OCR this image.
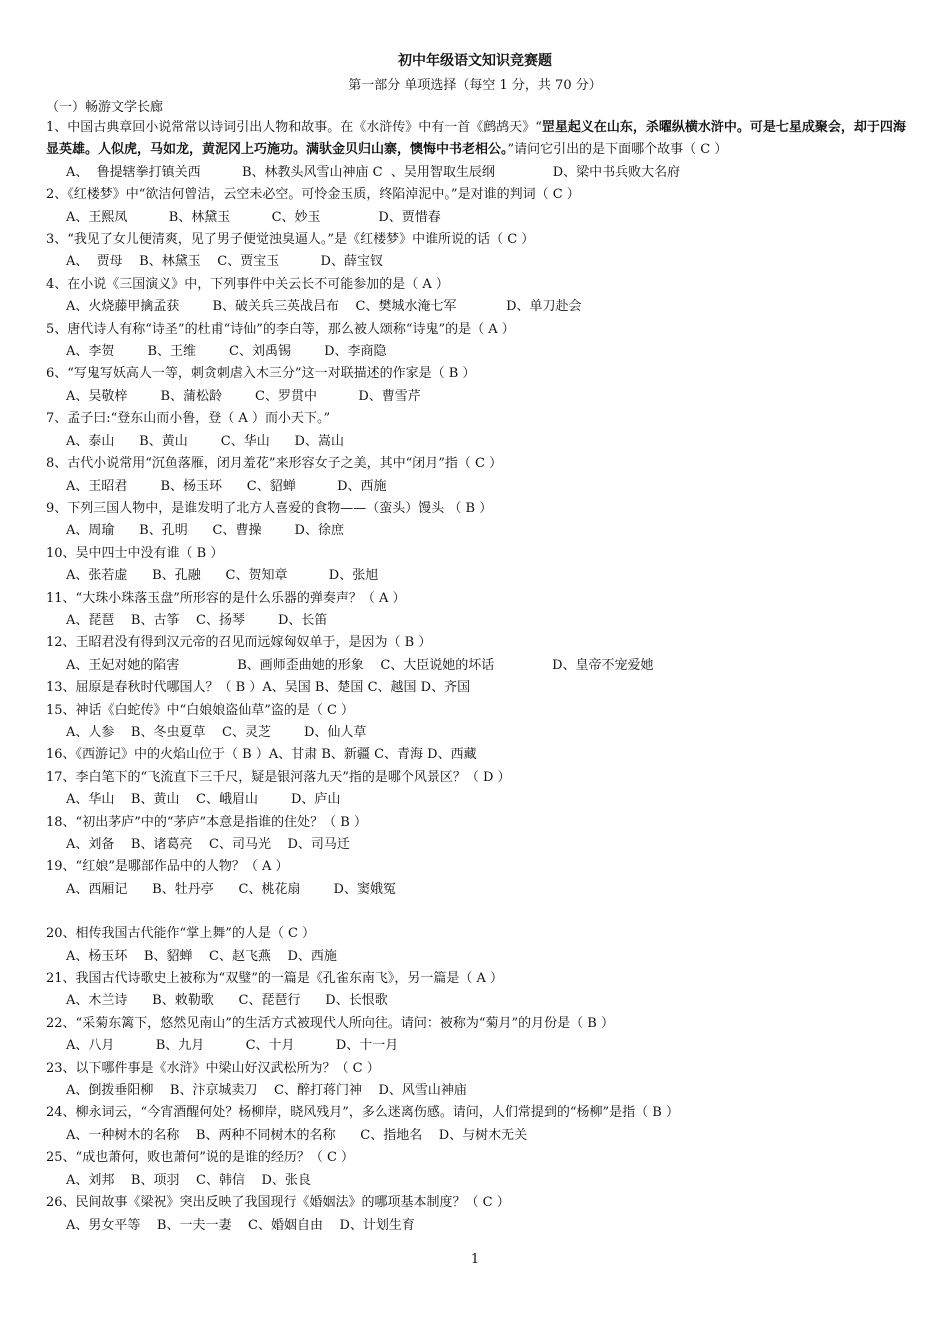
初中年级语文知识竞赛题
第一部分 单项选择（每空 1 分，共 70 分）
（一）畅游文学长廊

1、中国古典章回小说常常以诗词引出人物和故事。在《水浒传》中有一首《鹧鸪天》“罡星起义在山东，杀曜纵横水浒中。可是七星成聚会，却于四海显英雄。人似虎，马如龙，黄泥冈上巧施功。满驮金贝归山寨，懊悔中书老相公。”请问它引出的是下面哪个故事（ C ）

A、  鲁提辖拳打镇关西          B、林教头风雪山神庙 C  、吴用智取生辰纲              D、梁中书兵败大名府

2、《红楼梦》中“欲洁何曾洁，云空未必空。可怜金玉质，终陷淖泥中。”是对谁的判词（ C ）

A、王熙凤          B、林黛玉          C、妙玉              D、贾惜春

3、“我见了女儿便清爽，见了男子便觉浊臭逼人。”是《红楼梦》中谁所说的话（ C ）

A、  贾母    B、林黛玉    C、贾宝玉          D、薛宝钗

4、在小说《三国演义》中，下列事件中关云长不可能参加的是（ A ）

A、火烧藤甲擒孟获        B、破关兵三英战吕布    C、樊城水淹七军            D、单刀赴会

5、唐代诗人有称“诗圣”的杜甫“诗仙”的李白等，那么被人颂称“诗鬼”的是（ A ）

A、李贺        B、王维        C、刘禹锡        D、李商隐

6、“写鬼写妖高人一等，刺贪刺虐入木三分”这一对联描述的作家是（ B ）

A、吴敬梓        B、蒲松龄        C、罗贯中          D、曹雪芹

7、孟子曰:“登东山而小鲁，登（ A ）而小天下。”

A、泰山      B、黄山        C、华山      D、嵩山

8、古代小说常用“沉鱼落雁，闭月羞花”来形容女子之美，其中“闭月”指（ C ）

A、王昭君        B、杨玉环      C、貂蝉          D、西施

9、下列三国人物中，是谁发明了北方人喜爱的食物——（蛮头）馒头 （ B ）

A、周瑜      B、孔明      C、曹操        D、徐庶

10、吴中四士中没有谁（ B ）

A、张若虚      B、孔融      C、贺知章          D、张旭

11、“大珠小珠落玉盘”所形容的是什么乐器的弹奏声？（ A ）

A、琵琶    B、古筝    C、扬琴        D、长笛

12、王昭君没有得到汉元帝的召见而远嫁匈奴单于，是因为（ B ）

A、王妃对她的陷害              B、画师歪曲她的形象    C、大臣说她的坏话              D、皇帝不宠爱她

13、屈原是春秋时代哪国人？（ B ）A、吴国 B、楚国 C、越国 D、齐国

15、神话《白蛇传》中“白娘娘盗仙草”盗的是（ C ）

A、人参    B、冬虫夏草    C、灵芝        D、仙人草

16、《西游记》中的火焰山位于（ B ）A、甘肃 B、新疆 C、青海 D、西藏

17、李白笔下的“飞流直下三千尺，疑是银河落九天”指的是哪个风景区？（ D ）

A、华山    B、黄山    C、峨眉山        D、庐山

18、“初出茅庐”中的“茅庐”本意是指谁的住处？（ B ）

A、刘备    B、诸葛亮    C、司马光    D、司马迁

19、“红娘”是哪部作品中的人物？（ A ）

A、西厢记      B、牡丹亭      C、桃花扇        D、窦娥冤

20、相传我国古代能作“掌上舞”的人是（ C ）

A、杨玉环    B、貂蝉    C、赵飞燕    D、西施

21、我国古代诗歌史上被称为“双璧”的一篇是《孔雀东南飞》，另一篇是（ A ）

A、木兰诗      B、敕勒歌      C、琵琶行      D、长恨歌

22、“采菊东篱下，悠然见南山”的生活方式被现代人所向往。请问：被称为“菊月”的月份是（ B ）

A、八月          B、九月          C、十月          D、十一月

23、以下哪件事是《水浒》中梁山好汉武松所为？（ C ）

A、倒拨垂阳柳    B、汴京城卖刀    C、醉打蒋门神    D、风雪山神庙

24、柳永词云，“今宵酒醒何处？杨柳岸，晓风残月”，多么迷离伤感。请问，人们常提到的“杨柳”是指（ B ）

A、一种树木的名称    B、两种不同树木的名称      C、指地名    D、与树木无关

25、“成也萧何，败也萧何”说的是谁的经历？（ C ）

A、刘邦    B、项羽    C、韩信    D、张良

26、民间故事《梁祝》突出反映了我国现行《婚姻法》的哪项基本制度？（ C ）

A、男女平等    B、一夫一妻    C、婚姻自由    D、计划生育

1
